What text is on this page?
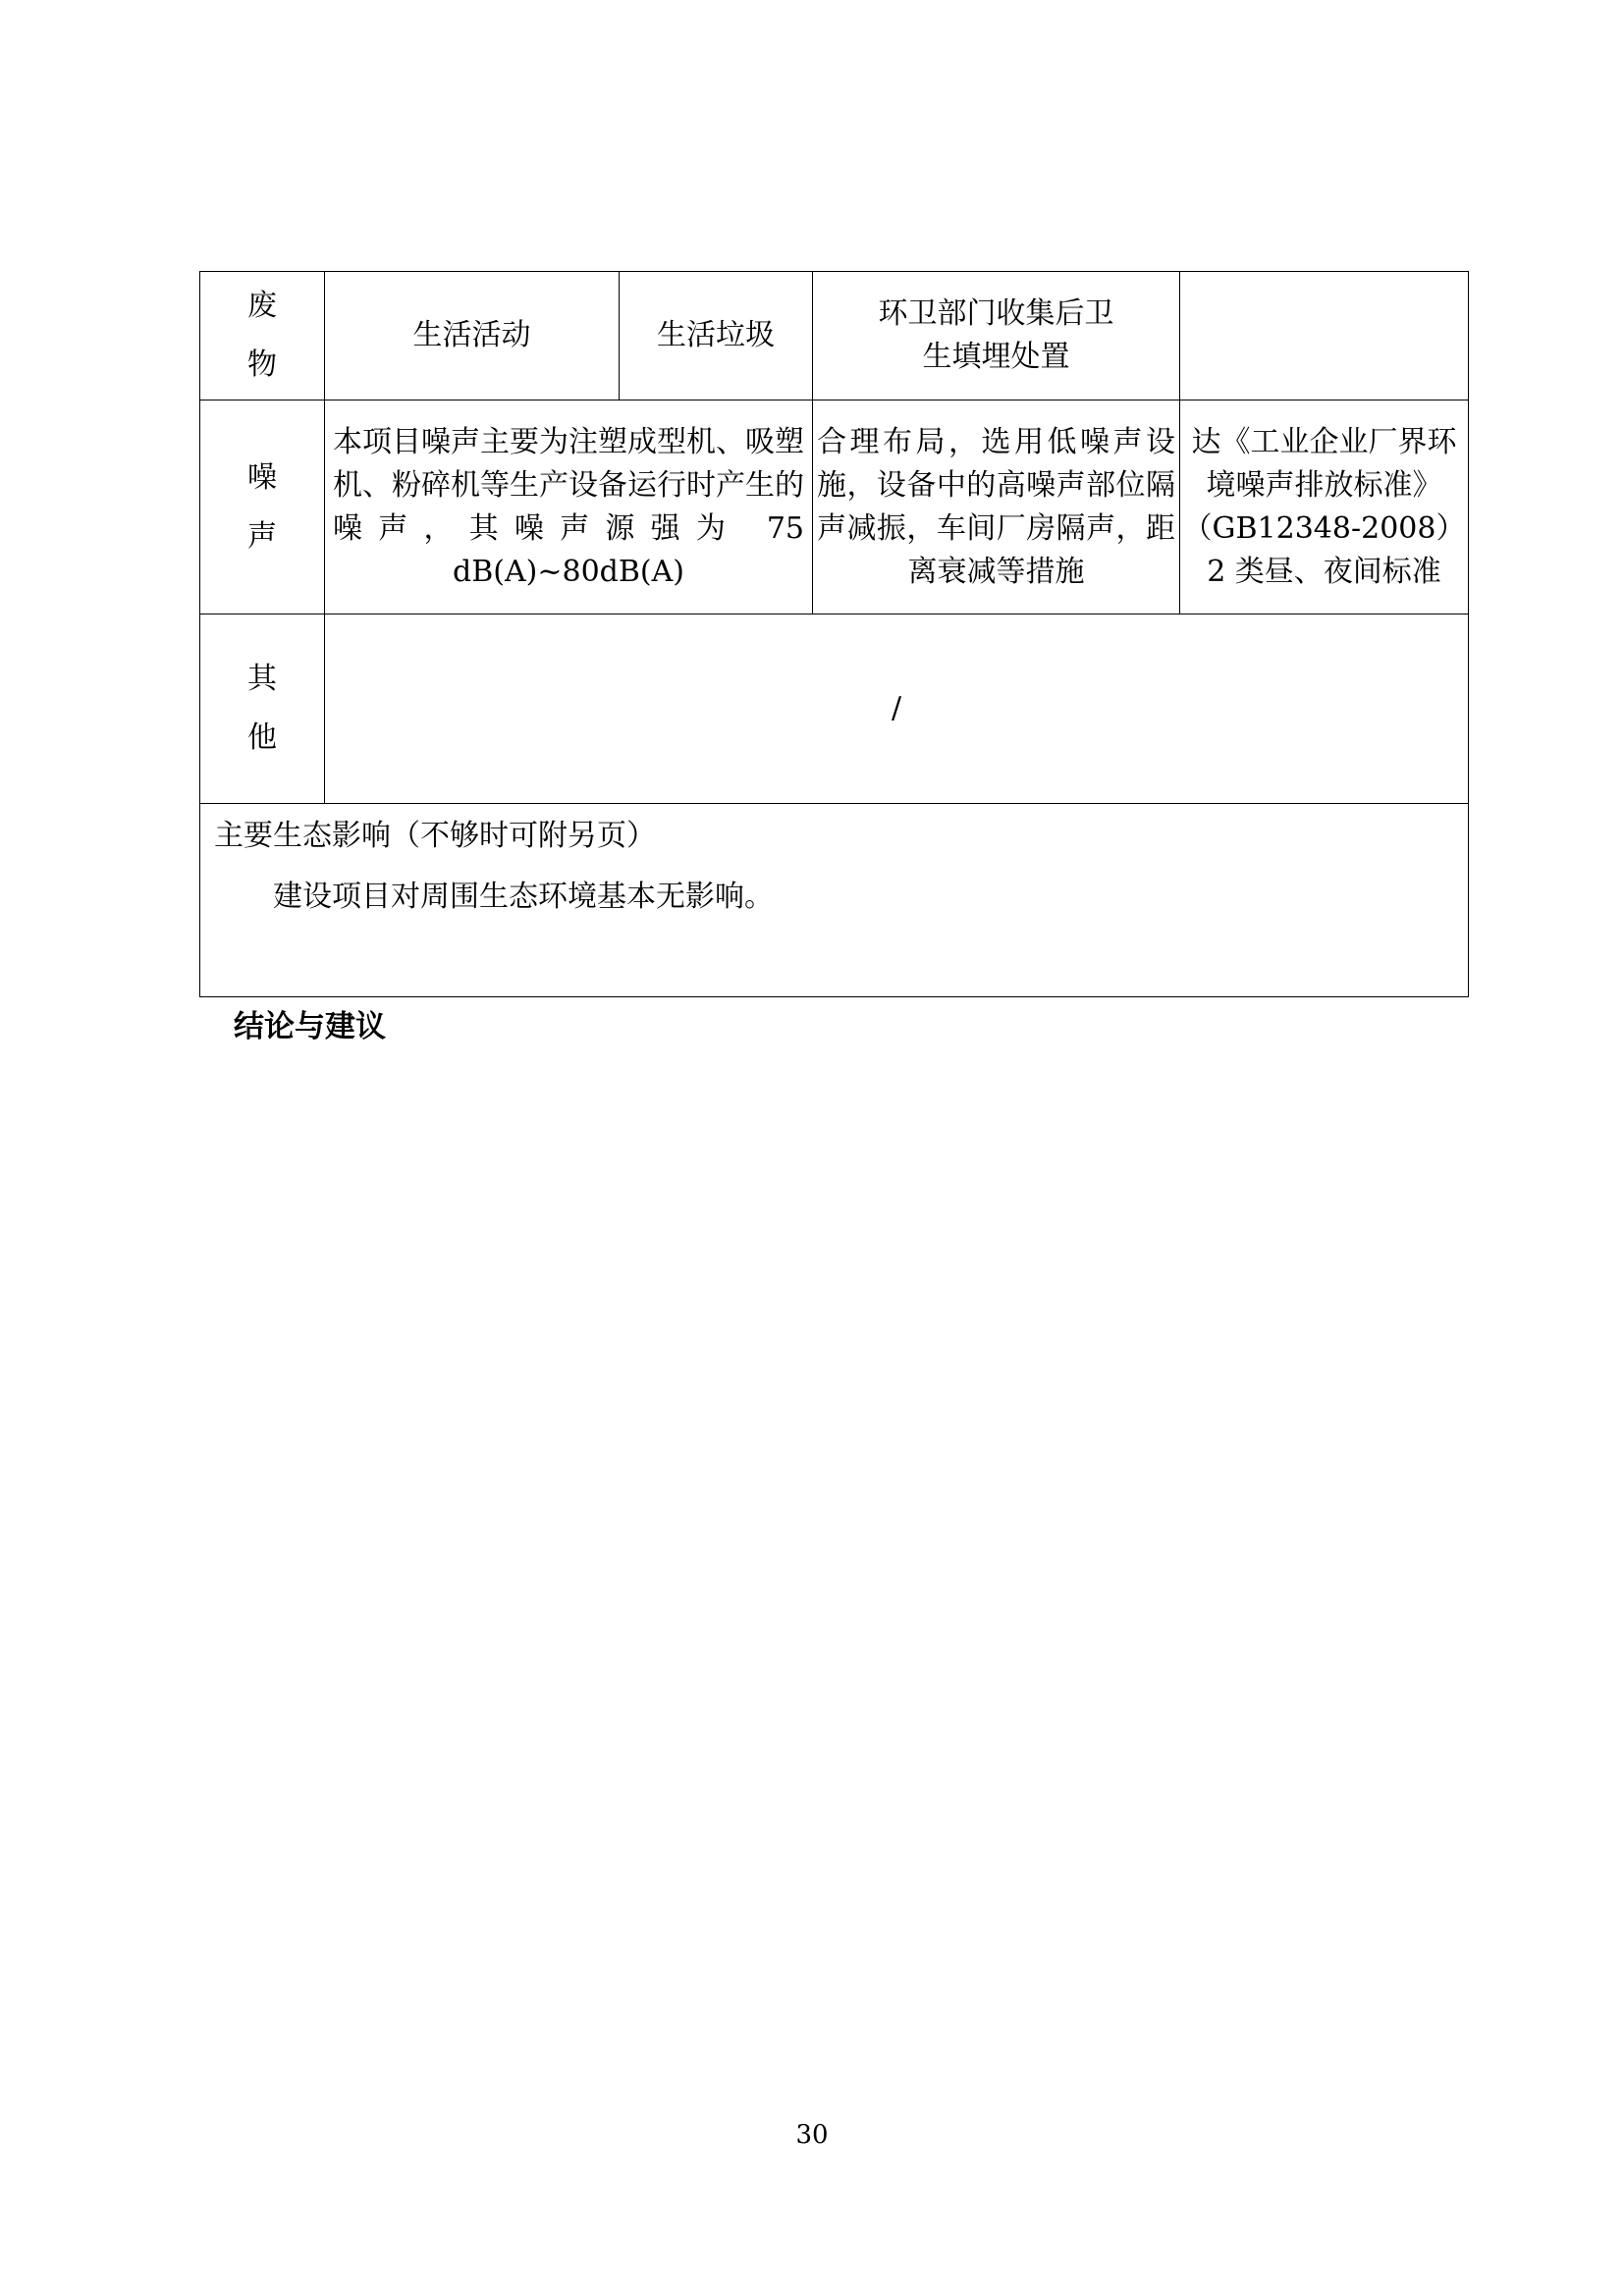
废
物	生活活动	生活垃圾	环卫部门收集后卫生填埋处置	

噪
声	本项目噪声主要为注塑成型机、吸塑机、粉碎机等生产设备运行时产生的噪声，其噪声源强为 75 dB(A)~80dB(A)		合理布局，选用低噪声设施，设备中的高噪声部位隔声减振，车间厂房隔声，距离衰减等措施	达《工业企业厂界环境噪声排放标准》（GB12348-2008）2 类昼、夜间标准

其
他	/			

主要生态影响（不够时可附另页）
建设项目对周围生态环境基本无影响。				
结论与建议
30
